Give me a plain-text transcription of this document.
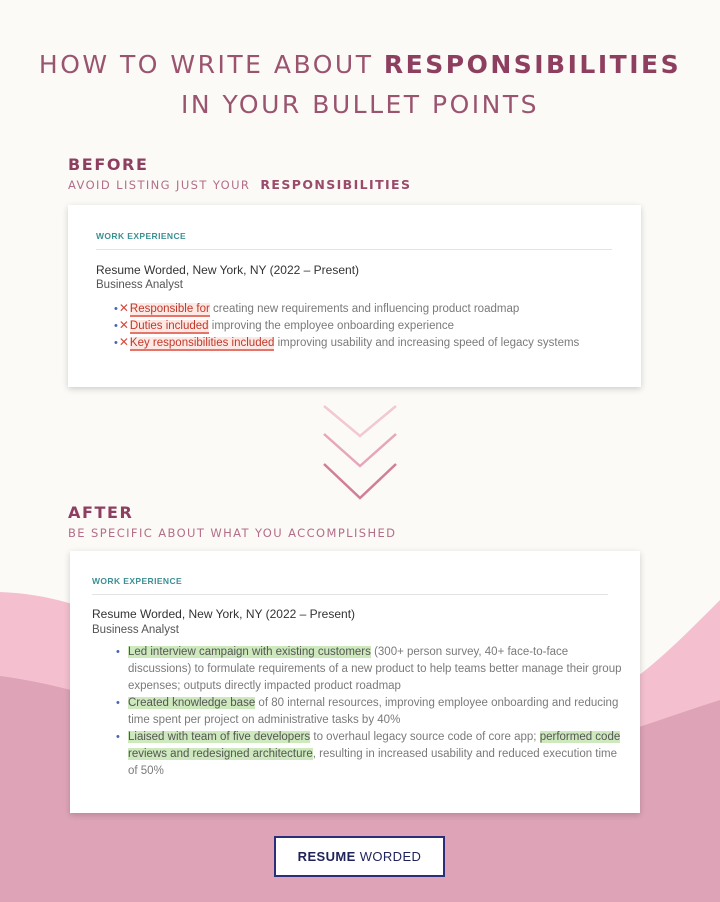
HOW TO WRITE ABOUT RESPONSIBILITIES
IN YOUR BULLET POINTS
BEFORE
AVOID LISTING JUST YOUR RESPONSIBILITIES
WORK EXPERIENCE
Resume Worded, New York, NY (2022 – Present)
Business Analyst
•✕Responsible for creating new requirements and influencing product roadmap
•✕Duties included improving the employee onboarding experience
•✕Key responsibilities included improving usability and increasing speed of legacy systems
AFTER
BE SPECIFIC ABOUT WHAT YOU ACCOMPLISHED
WORK EXPERIENCE
Resume Worded, New York, NY (2022 – Present)
Business Analyst
• Led interview campaign with existing customers (300+ person survey, 40+ face-to-face discussions) to formulate requirements of a new product to help teams better manage their group expenses; outputs directly impacted product roadmap
• Created knowledge base of 80 internal resources, improving employee onboarding and reducing time spent per project on administrative tasks by 40%
• Liaised with team of five developers to overhaul legacy source code of core app; performed code reviews and redesigned architecture, resulting in increased usability and reduced execution time of 50%
RESUME WORDED
